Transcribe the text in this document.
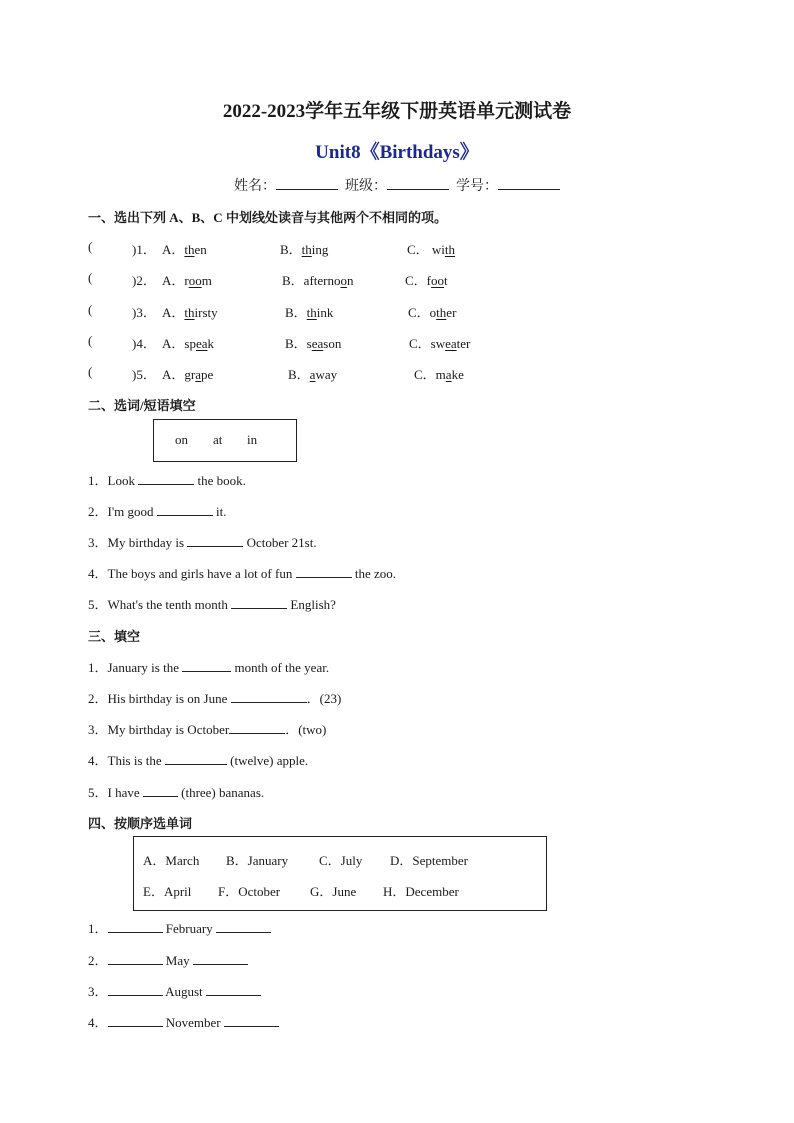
2022-2023学年五年级下册英语单元测试卷
Unit8《Birthdays》
姓名：	班级：	学号：
一、选出下列 A、B、C 中划线处读音与其他两个不相同的项。
(	)1． A．then	B．thing	C． with
(	)2． A．room	B．afternoon	C．foot
(	)3． A．thirsty	B．think	C．other
(	)4． A．speak	B．season	C．sweater
(	)5． A．grape	B．away	C．make
二、选词/短语填空
on at in
1．Look	the book.
2．I'm good	it.
3．My birthday is	October 21st.
4．The boys and girls have a lot of fun	the zoo.
5．What's the tenth month	English?
三、填空
1．January is the	month of the year.
2．His birthday is on June	．(23)
3．My birthday is October	．(two)
4．This is the	(twelve) apple.
5．I have	(three) bananas.
四、按顺序选单词
A．March B．January C．July D．September
E．April F．October G．June H．December
1．	February
2．	May
3．	August
4．	November
